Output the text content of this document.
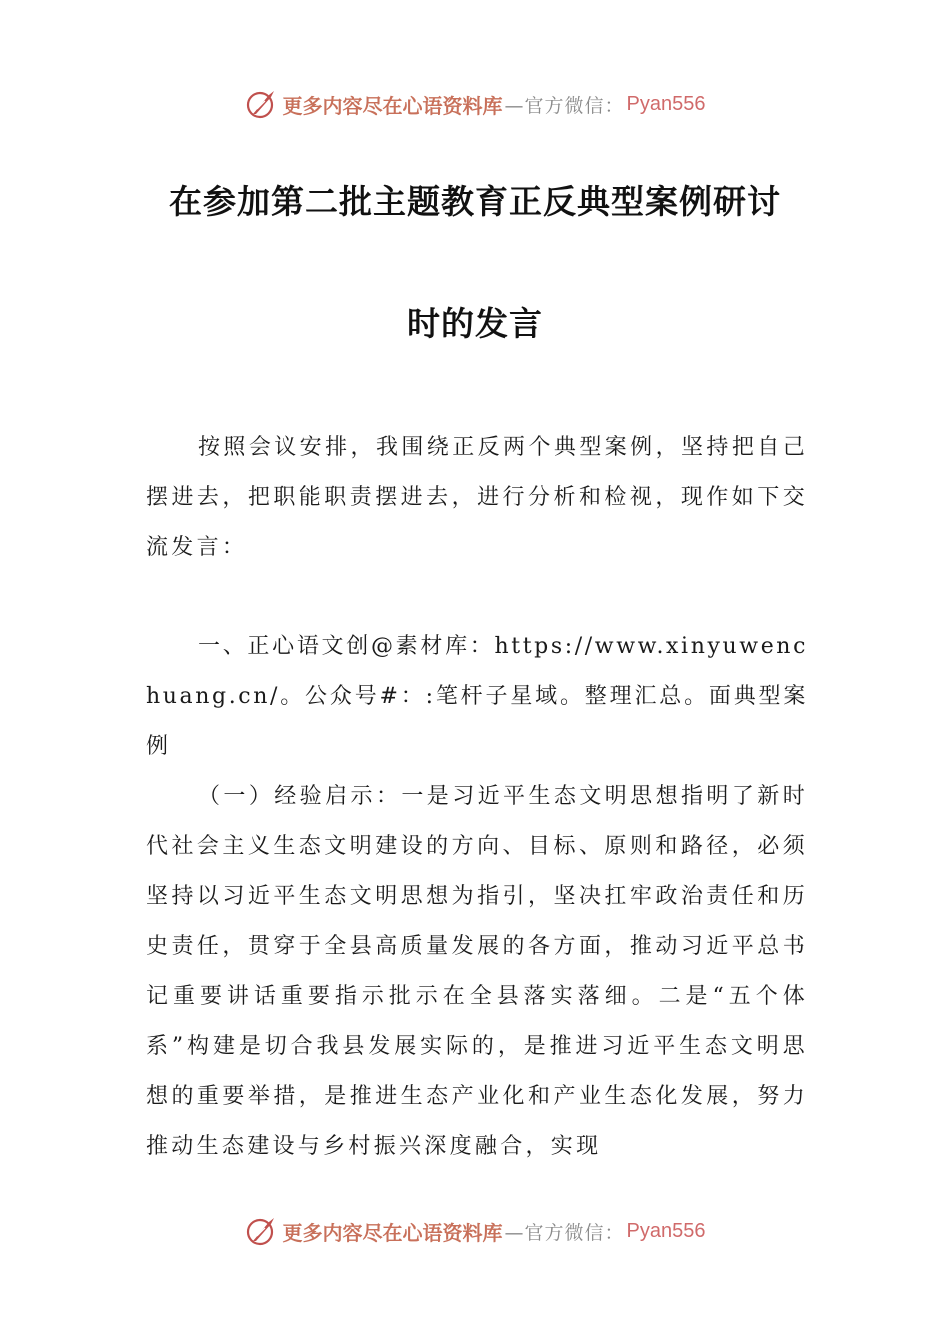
更多内容尽在心语资料库 —官方微信： Pyan556
在参加第二批主题教育正反典型案例研讨
时的发言

按照会议安排，我围绕正反两个典型案例，坚持把自己摆进去，把职能职责摆进去，进行分析和检视，现作如下交流发言：

一、正心语文创@素材库：https://www.xinyuwenchuang.cn/。公众号#：:笔杆子星域。整理汇总。面典型案例

（一）经验启示：一是习近平生态文明思想指明了新时代社会主义生态文明建设的方向、目标、原则和路径，必须坚持以习近平生态文明思想为指引，坚决扛牢政治责任和历史责任，贯穿于全县高质量发展的各方面，推动习近平总书记重要讲话重要指示批示在全县落实落细。二是“五个体系”构建是切合我县发展实际的，是推进习近平生态文明思想的重要举措，是推进生态产业化和产业生态化发展，努力推动生态建设与乡村振兴深度融合，实现

更多内容尽在心语资料库 —官方微信： Pyan556
